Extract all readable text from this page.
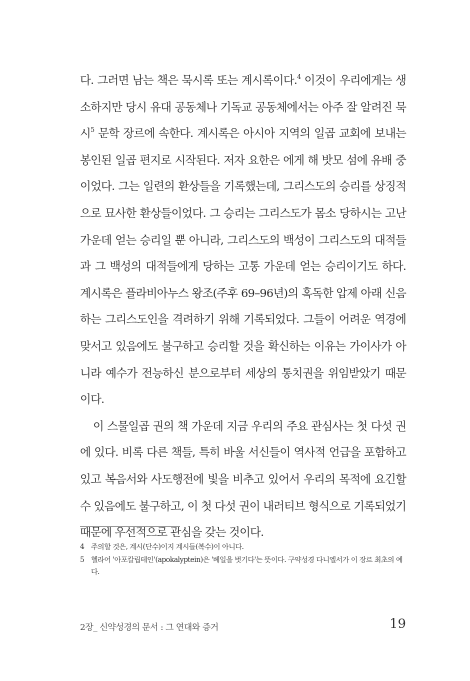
다. 그러면 남는 책은 묵시록 또는 계시록이다.$^4$ 이것이 우리에게는 생소하지만 당시 유대 공동체나 기독교 공동체에서는 아주 잘 알려진 묵시$^5$ 문학 장르에 속한다. 계시록은 아시아 지역의 일곱 교회에 보내는 봉인된 일곱 편지로 시작된다. 저자 요한은 에게 해 밧모 섬에 유배 중이었다. 그는 일련의 환상들을 기록했는데, 그리스도의 승리를 상징적으로 묘사한 환상들이었다. 그 승리는 그리스도가 몸소 당하시는 고난 가운데 얻는 승리일 뿐 아니라, 그리스도의 백성이 그리스도의 대적들과 그 백성의 대적들에게 당하는 고통 가운데 얻는 승리이기도 하다. 계시록은 플라비아누스 왕조(주후 69–96년)의 혹독한 압제 아래 신음하는 그리스도인을 격려하기 위해 기록되었다. 그들이 어려운 역경에 맞서고 있음에도 불구하고 승리할 것을 확신하는 이유는 가이사가 아니라 예수가 전능하신 분으로부터 세상의 통치권을 위임받았기 때문이다.

이 스물일곱 권의 책 가운데 지금 우리의 주요 관심사는 첫 다섯 권에 있다. 비록 다른 책들, 특히 바울 서신들이 역사적 언급을 포함하고 있고 복음서와 사도행전에 빛을 비추고 있어서 우리의 목적에 요긴할 수 있음에도 불구하고, 이 첫 다섯 권이 내러티브 형식으로 기록되었기 때문에 우선적으로 관심을 갖는 것이다.

4 주의할 것은, 계시(단수)이지 계시들(복수)이 아니다.
5 헬라어 '아포칼립테인'(apokalyptein)은 '베일을 벗기다'는 뜻이다. 구약성경 다니엘서가 이 장르 최초의 예다.
2장_ 신약성경의 문서 : 그 연대와 증거	19
